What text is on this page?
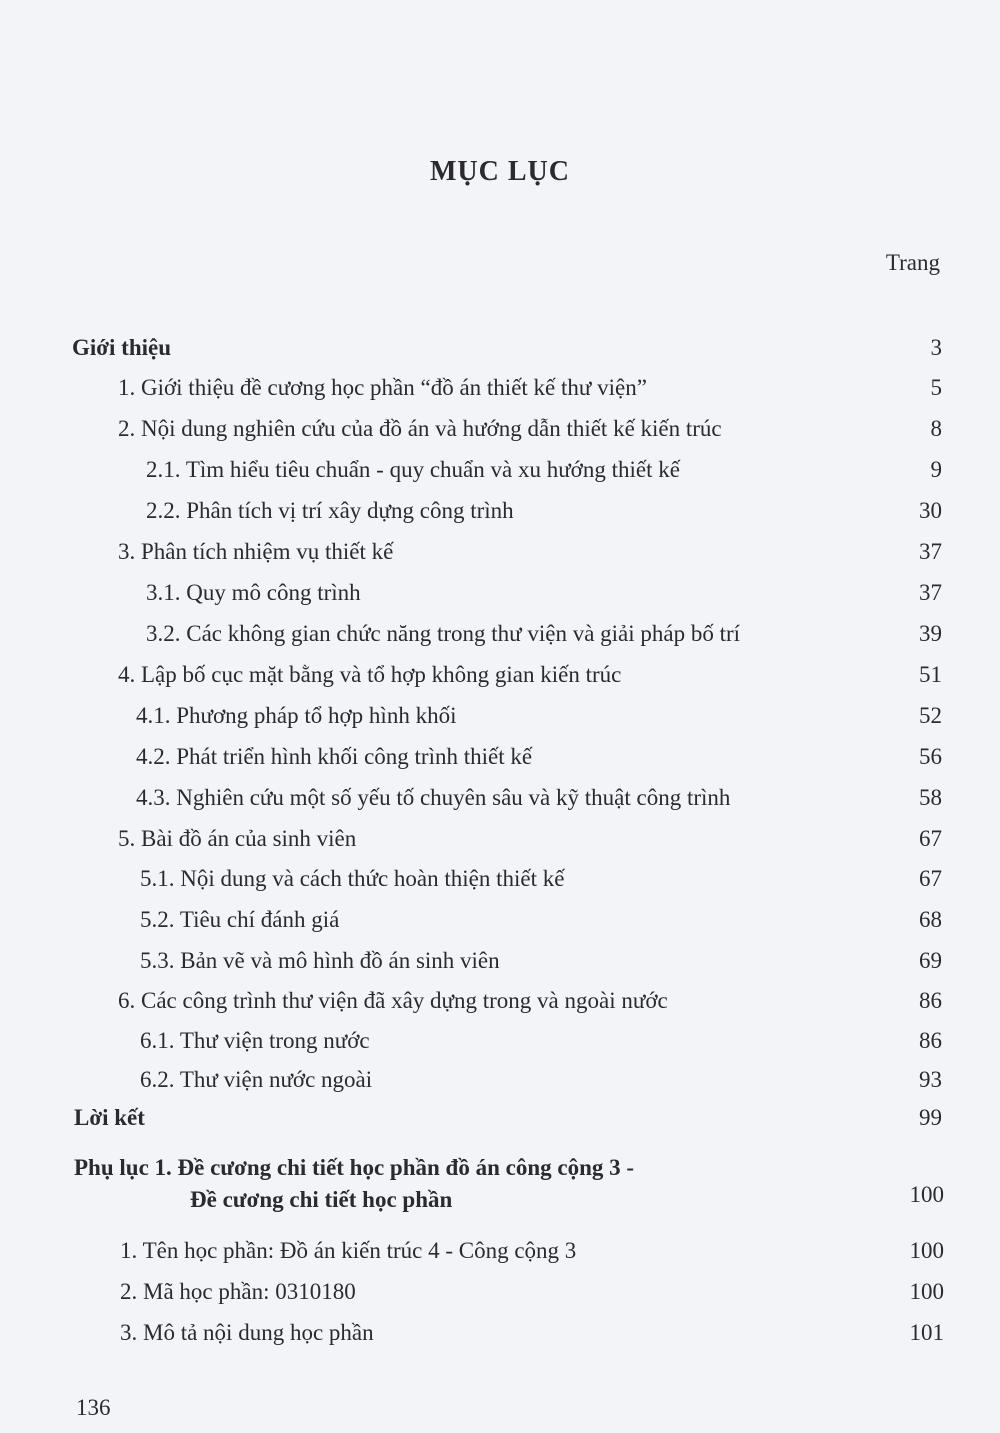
MỤC LỤC
Trang
Giới thiệu	3
1. Giới thiệu đề cương học phần “đồ án thiết kế thư viện”	5
2. Nội dung nghiên cứu của đồ án và hướng dẫn thiết kế kiến trúc	8
2.1. Tìm hiểu tiêu chuẩn - quy chuẩn và xu hướng thiết kế	9
2.2. Phân tích vị trí xây dựng công trình	30
3. Phân tích nhiệm vụ thiết kế	37
3.1. Quy mô công trình	37
3.2. Các không gian chức năng trong thư viện và giải pháp bố trí	39
4. Lập bố cục mặt bằng và tổ hợp không gian kiến trúc	51
4.1. Phương pháp tổ hợp hình khối	52
4.2. Phát triển hình khối công trình thiết kế	56
4.3. Nghiên cứu một số yếu tố chuyên sâu và kỹ thuật công trình	58
5. Bài đồ án của sinh viên	67
5.1. Nội dung và cách thức hoàn thiện thiết kế	67
5.2. Tiêu chí đánh giá	68
5.3. Bản vẽ và mô hình đồ án sinh viên	69
6. Các công trình thư viện đã xây dựng trong và ngoài nước	86
6.1. Thư viện trong nước	86
6.2. Thư viện nước ngoài	93
Lời kết	99
Phụ lục 1. Đề cương chi tiết học phần đồ án công cộng 3 -
Đề cương chi tiết học phần	100
1. Tên học phần: Đồ án kiến trúc 4 - Công cộng 3	100
2. Mã học phần: 0310180	100
3. Mô tả nội dung học phần	101
136
